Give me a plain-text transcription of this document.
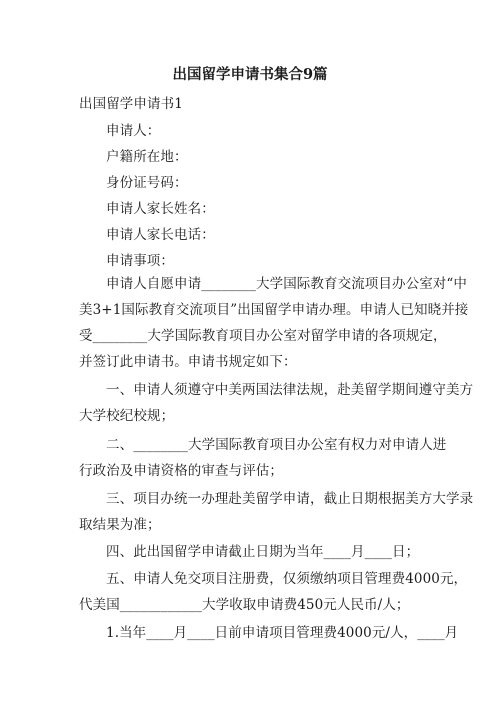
出国留学申请书集合9篇
出国留学申请书1
申请人：
户籍所在地：
身份证号码：
申请人家长姓名：
申请人家长电话：
申请事项：
申请人自愿申请________大学国际教育交流项目办公室对“中
美3+1国际教育交流项目”出国留学申请办理。申请人已知晓并接
受________大学国际教育项目办公室对留学申请的各项规定，
并签订此申请书。申请书规定如下：
一、申请人须遵守中美两国法律法规，赴美留学期间遵守美方
大学校纪校规；
二、________大学国际教育项目办公室有权力对申请人进
行政治及申请资格的审查与评估；
三、项目办统一办理赴美留学申请，截止日期根据美方大学录
取结果为准；
四、此出国留学申请截止日期为当年____月____日；
五、申请人免交项目注册费，仅须缴纳项目管理费4000元，
代美国____________大学收取申请费450元人民币/人；
1.当年____月____日前申请项目管理费4000元/人，____月
